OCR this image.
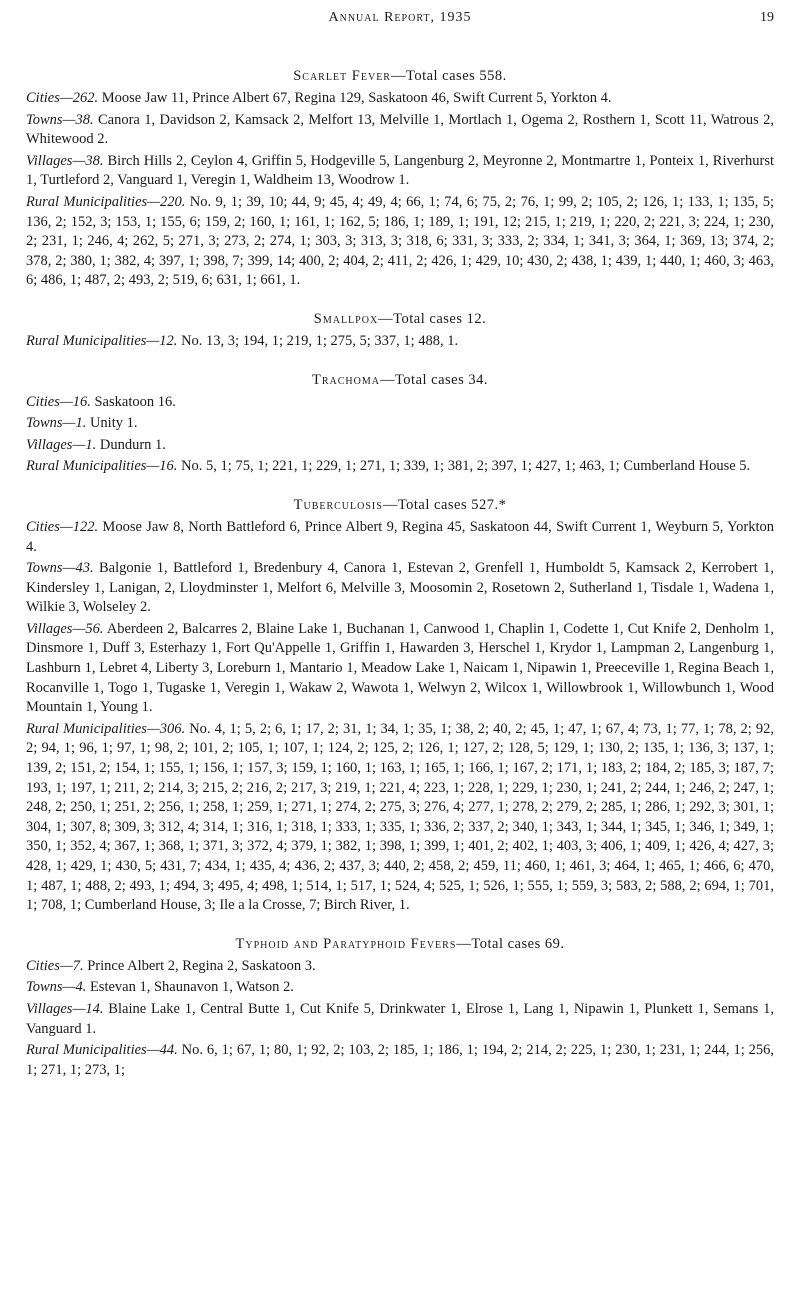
Annual Report, 1935	19
Scarlet Fever—Total cases 558.

Cities—262. Moose Jaw 11, Prince Albert 67, Regina 129, Saskatoon 46, Swift Current 5, Yorkton 4.

Towns—38. Canora 1, Davidson 2, Kamsack 2, Melfort 13, Melville 1, Mortlach 1, Ogema 2, Rosthern 1, Scott 11, Watrous 2, Whitewood 2.

Villages—38. Birch Hills 2, Ceylon 4, Griffin 5, Hodgeville 5, Langenburg 2, Meyronne 2, Montmartre 1, Ponteix 1, Riverhurst 1, Turtleford 2, Vanguard 1, Veregin 1, Waldheim 13, Woodrow 1.

Rural Municipalities—220. No. 9, 1; 39, 10; 44, 9; 45, 4; 49, 4; 66, 1; 74, 6; 75, 2; 76, 1; 99, 2; 105, 2; 126, 1; 133, 1; 135, 5; 136, 2; 152, 3; 153, 1; 155, 6; 159, 2; 160, 1; 161, 1; 162, 5; 186, 1; 189, 1; 191, 12; 215, 1; 219, 1; 220, 2; 221, 3; 224, 1; 230, 2; 231, 1; 246, 4; 262, 5; 271, 3; 273, 2; 274, 1; 303, 3; 313, 3; 318, 6; 331, 3; 333, 2; 334, 1; 341, 3; 364, 1; 369, 13; 374, 2; 378, 2; 380, 1; 382, 4; 397, 1; 398, 7; 399, 14; 400, 2; 404, 2; 411, 2; 426, 1; 429, 10; 430, 2; 438, 1; 439, 1; 440, 1; 460, 3; 463, 6; 486, 1; 487, 2; 493, 2; 519, 6; 631, 1; 661, 1.

Smallpox—Total cases 12.

Rural Municipalities—12. No. 13, 3; 194, 1; 219, 1; 275, 5; 337, 1; 488, 1.

Trachoma—Total cases 34.

Cities—16. Saskatoon 16.

Towns—1. Unity 1.

Villages—1. Dundurn 1.

Rural Municipalities—16. No. 5, 1; 75, 1; 221, 1; 229, 1; 271, 1; 339, 1; 381, 2; 397, 1; 427, 1; 463, 1; Cumberland House 5.

Tuberculosis—Total cases 527.*

Cities—122. Moose Jaw 8, North Battleford 6, Prince Albert 9, Regina 45, Saskatoon 44, Swift Current 1, Weyburn 5, Yorkton 4.

Towns—43. Balgonie 1, Battleford 1, Bredenbury 4, Canora 1, Estevan 2, Grenfell 1, Humboldt 5, Kamsack 2, Kerrobert 1, Kindersley 1, Lanigan, 2, Lloydminster 1, Melfort 6, Melville 3, Moosomin 2, Rosetown 2, Sutherland 1, Tisdale 1, Wadena 1, Wilkie 3, Wolseley 2.

Villages—56. Aberdeen 2, Balcarres 2, Blaine Lake 1, Buchanan 1, Canwood 1, Chaplin 1, Codette 1, Cut Knife 2, Denholm 1, Dinsmore 1, Duff 3, Esterhazy 1, Fort Qu'Appelle 1, Griffin 1, Hawarden 3, Herschel 1, Krydor 1, Lampman 2, Langenburg 1, Lashburn 1, Lebret 4, Liberty 3, Loreburn 1, Mantario 1, Meadow Lake 1, Naicam 1, Nipawin 1, Preeceville 1, Regina Beach 1, Rocanville 1, Togo 1, Tugaske 1, Veregin 1, Wakaw 2, Wawota 1, Welwyn 2, Wilcox 1, Willowbrook 1, Willowbunch 1, Wood Mountain 1, Young 1.

Rural Municipalities—306. No. 4, 1; 5, 2; 6, 1; 17, 2; 31, 1; 34, 1; 35, 1; 38, 2; 40, 2; 45, 1; 47, 1; 67, 4; 73, 1; 77, 1; 78, 2; 92, 2; 94, 1; 96, 1; 97, 1; 98, 2; 101, 2; 105, 1; 107, 1; 124, 2; 125, 2; 126, 1; 127, 2; 128, 5; 129, 1; 130, 2; 135, 1; 136, 3; 137, 1; 139, 2; 151, 2; 154, 1; 155, 1; 156, 1; 157, 3; 159, 1; 160, 1; 163, 1; 165, 1; 166, 1; 167, 2; 171, 1; 183, 2; 184, 2; 185, 3; 187, 7; 193, 1; 197, 1; 211, 2; 214, 3; 215, 2; 216, 2; 217, 3; 219, 1; 221, 4; 223, 1; 228, 1; 229, 1; 230, 1; 241, 2; 244, 1; 246, 2; 247, 1; 248, 2; 250, 1; 251, 2; 256, 1; 258, 1; 259, 1; 271, 1; 274, 2; 275, 3; 276, 4; 277, 1; 278, 2; 279, 2; 285, 1; 286, 1; 292, 3; 301, 1; 304, 1; 307, 8; 309, 3; 312, 4; 314, 1; 316, 1; 318, 1; 333, 1; 335, 1; 336, 2; 337, 2; 340, 1; 343, 1; 344, 1; 345, 1; 346, 1; 349, 1; 350, 1; 352, 4; 367, 1; 368, 1; 371, 3; 372, 4; 379, 1; 382, 1; 398, 1; 399, 1; 401, 2; 402, 1; 403, 3; 406, 1; 409, 1; 426, 4; 427, 3; 428, 1; 429, 1; 430, 5; 431, 7; 434, 1; 435, 4; 436, 2; 437, 3; 440, 2; 458, 2; 459, 11; 460, 1; 461, 3; 464, 1; 465, 1; 466, 6; 470, 1; 487, 1; 488, 2; 493, 1; 494, 3; 495, 4; 498, 1; 514, 1; 517, 1; 524, 4; 525, 1; 526, 1; 555, 1; 559, 3; 583, 2; 588, 2; 694, 1; 701, 1; 708, 1; Cumberland House, 3; Ile a la Crosse, 7; Birch River, 1.

Typhoid and Paratyphoid Fevers—Total cases 69.

Cities—7. Prince Albert 2, Regina 2, Saskatoon 3.

Towns—4. Estevan 1, Shaunavon 1, Watson 2.

Villages—14. Blaine Lake 1, Central Butte 1, Cut Knife 5, Drinkwater 1, Elrose 1, Lang 1, Nipawin 1, Plunkett 1, Semans 1, Vanguard 1.

Rural Municipalities—44. No. 6, 1; 67, 1; 80, 1; 92, 2; 103, 2; 185, 1; 186, 1; 194, 2; 214, 2; 225, 1; 230, 1; 231, 1; 244, 1; 256, 1; 271, 1; 273, 1;
